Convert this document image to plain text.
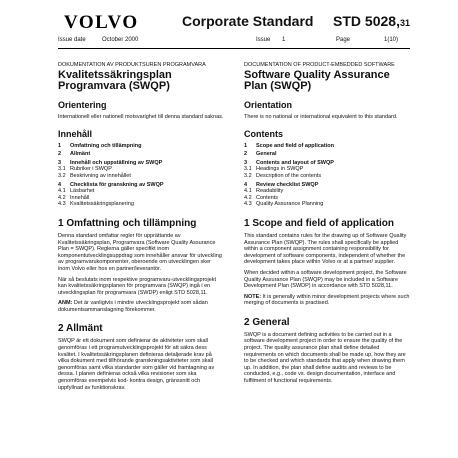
VOLVO	Corporate Standard STD 5028,31
Issue date	October 2000	Issue 1	Page	1(10)
DOKUMENTATION AV PRODUKTSUREN PROGRAMVARA
Kvalitetssäkringsplan Programvara (SWQP)
Orientering
Internationell eller nationell motsvarighet till denna standard saknas.
Innehåll
1	Omfattning och tillämpning
2	Allmänt
3	Innehåll och uppställning av SWQP
3.1 Rubriker i SWQP
3.2 Beskrivning av innehållet
4	Checklista för granskning av SWQP
4.1 Läsbarhet
4.2 Innehåll
4.3 Kvalitetssäkringsplanering
1 Omfattning och tillämpning
Denna standard omfattar regler för upprättande av Kvalitetssäkringsplan, Programvara (Software Quality Assurance Plan = SWQP). Reglerna gäller specifikt inom komponentutvecklingsuppdrag som innehåller ansvar för utveckling av programvarukomponenter, oberoende om utvecklingen sker inom Volvo eller hos en partner/leverantör.
När så beslutats inom respektive programvaru-utvecklingsprojekt kan kvalitetssäkringsplanen för programvara (SWQP) ingå i en utvecklingsplan för programvara (SWDP) enligt STD 5028,11.
ANM: Det är vanligtvis i mindre utvecklingsprojekt som sådan dokumentsammanslagning förekommer.
2 Allmänt
SWQP är ett dokument som definierar de aktiviteter som skall genomföras i ett programutvecklingsprojekt för att säkra dess kvalitet. I kvalitetssäkringsplanen definieras detaljerade krav på vilka dokument med tillhörande granskningsaktiviteter som skall genomföras samt vilka standarder som gäller vid framtagning av dessa. I planen definieras också vilka revisioner som ska genomföras exempelvis kod- kontra design, gränssnitt och uppfyllnad av funktionskrav.
DOCUMENTATION OF PRODUCT-EMBEDDED SOFTWARE
Software Quality Assurance Plan (SWQP)
Orientation
There is no national or international equivalent to this standard.
Contents
1	Scope and field of application
2	General
3	Contents and layout of SWQP
3.1 Headings in SWQP
3.2 Description of the contents
4	Review checklist SWQP
4.1 Readability
4.2 Contents
4.3 Quality Assurance Planning
1 Scope and field of application
This standard contains rules for the drawing up of Software Quality Assurance Plan (SWQP). The rules shall specifically be applied within a component assignment containing responsibility for development of software components, independent of whether the development takes place within Volvo or at a partner/ supplier.
When decided within a software development project, the Software Quality Assurance Plan (SWQP) may be included in a Software Development Plan (SWDP) in accordance with STD 5028,11.
NOTE: It is generally within minor development projects where such merging of documents is practised.
2 General
SWQP is a document defining activities to be carried out in a software development project in order to ensure the quality of the project. The quality assurance plan shall define detailed requirements on which documents shall be made up, how they are to be checked and which standards that apply when drawing them up. In addition, the plan shall define audits and reviews to be conducted, e.g., code vs. design documentation, interface and fulfilment of functional requirements.
